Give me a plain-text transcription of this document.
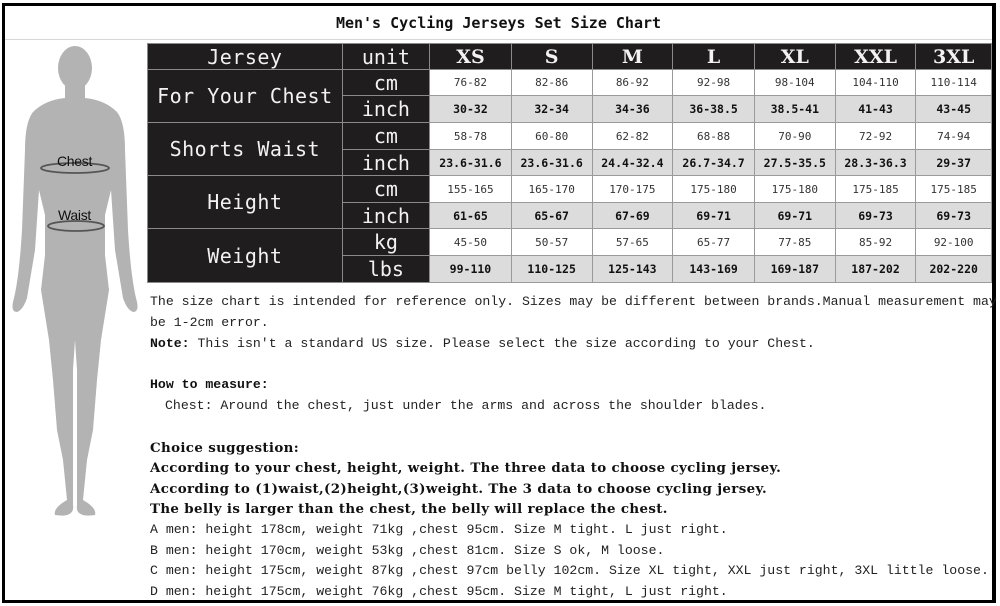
Men's Cycling Jerseys Set Size Chart
Chest
Waist
Jersey	unit	XS	S	M	L	XL	XXL	3XL
For Your Chest	cm	76-82	82-86	86-92	92-98	98-104	104-110	110-114
	inch	30-32	32-34	34-36	36-38.5	38.5-41	41-43	43-45
Shorts Waist	cm	58-78	60-80	62-82	68-88	70-90	72-92	74-94
	inch	23.6-31.6	23.6-31.6	24.4-32.4	26.7-34.7	27.5-35.5	28.3-36.3	29-37
Height	cm	155-165	165-170	170-175	175-180	175-180	175-185	175-185
	inch	61-65	65-67	67-69	69-71	69-71	69-73	69-73
Weight	kg	45-50	50-57	57-65	65-77	77-85	85-92	92-100
	lbs	99-110	110-125	125-143	143-169	169-187	187-202	202-220
The size chart is intended for reference only. Sizes may be different between brands.Manual measurement may
be 1-2cm error.
Note: This isn't a standard US size. Please select the size according to your Chest.
How to measure:
Chest: Around the chest, just under the arms and across the shoulder blades.
Choice suggestion:
According to your chest, height, weight. The three data to choose cycling jersey.
According to (1)waist,(2)height,(3)weight. The 3 data to choose cycling jersey.
The belly is larger than the chest, the belly will replace the chest.
A men: height 178cm, weight 71kg ,chest 95cm. Size M tight. L just right.
B men: height 170cm, weight 53kg ,chest 81cm. Size S ok, M loose.
C men: height 175cm, weight 87kg ,chest 97cm belly 102cm. Size XL tight, XXL just right, 3XL little loose.
D men: height 175cm, weight 76kg ,chest 95cm. Size M tight, L just right.
